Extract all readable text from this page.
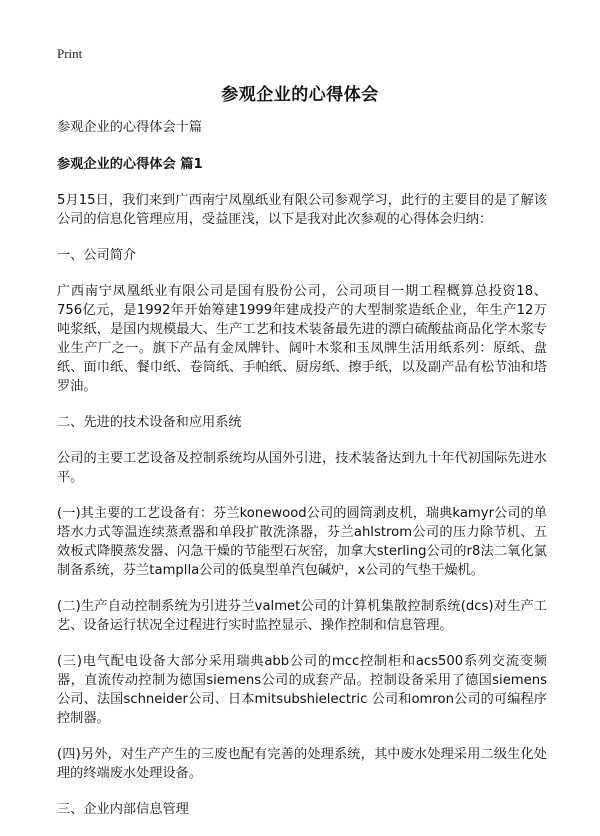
Print
参观企业的心得体会

参观企业的心得体会十篇

参观企业的心得体会 篇1

5月15日，我们来到广西南宁凤凰纸业有限公司参观学习，此行的主要目的是了解该公司的信息化管理应用，受益匪浅，以下是我对此次参观的心得体会归纳：

一、公司简介

广西南宁凤凰纸业有限公司是国有股份公司，公司项目一期工程概算总投资18、756亿元，是1992年开始筹建1999年建成投产的大型制浆造纸企业，年生产12万吨浆纸，是国内规模最大、生产工艺和技术装备最先进的漂白硫酸盐商品化学木浆专业生产厂之一。旗下产品有金凤牌针、阔叶木浆和玉凤牌生活用纸系列：原纸、盘纸、面巾纸、餐巾纸、卷筒纸、手帕纸、厨房纸、擦手纸，以及副产品有松节油和塔罗油。

二、先进的技术设备和应用系统

公司的主要工艺设备及控制系统均从国外引进，技术装备达到九十年代初国际先进水平。

(一)其主要的工艺设备有：芬兰konewood公司的圆筒剥皮机，瑞典kamyr公司的单塔水力式等温连续蒸煮器和单段扩散洗涤器，芬兰ahlstrom公司的压力除节机、五效板式降膜蒸发器、闪急干燥的节能型石灰窑，加拿大sterling公司的r8法二氧化氯制备系统，芬兰tamplla公司的低臭型单汽包碱炉，x公司的气垫干燥机。

(二)生产自动控制系统为引进芬兰valmet公司的计算机集散控制系统(dcs)对生产工艺、设备运行状况全过程进行实时监控显示、操作控制和信息管理。

(三)电气配电设备大部分采用瑞典abb公司的mcc控制柜和acs500系列交流变频器，直流传动控制为德国siemens公司的成套产品。控制设备采用了德国siemens公司、法国schneider公司、日本mitsubshielectric 公司和omron公司的可编程序控制器。

(四)另外，对生产产生的三废也配有完善的处理系统，其中废水处理采用二级生化处理的终端废水处理设备。

三、企业内部信息管理
